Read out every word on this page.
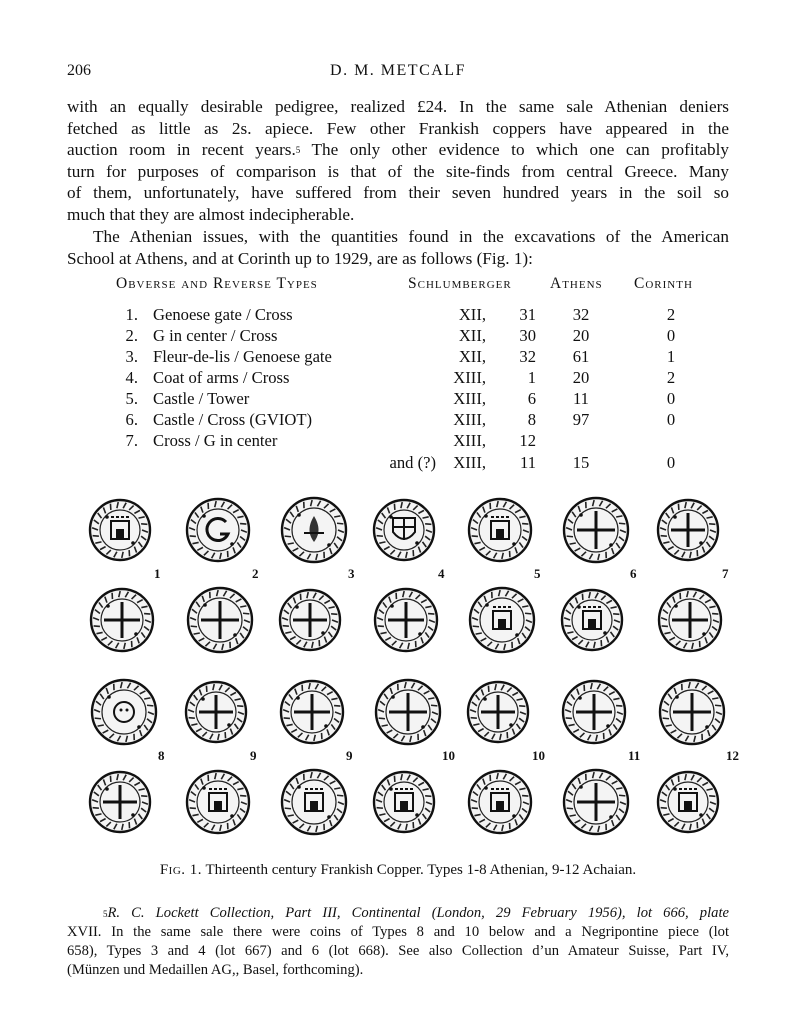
206	D. M. METCALF
with an equally desirable pedigree, realized £24. In the same sale Athenian deniers
fetched as little as 2s. apiece. Few other Frankish coppers have appeared in the
auction room in recent years.$^5$ The only other evidence to which one can profitably
turn for purposes of comparison is that of the site-finds from central Greece. Many
of them, unfortunately, have suffered from their seven hundred years in the soil so
much that they are almost indecipherable.
The Athenian issues, with the quantities found in the excavations of the American
School at Athens, and at Corinth up to 1929, are as follows (Fig. 1):
Obverse and Reverse Types	Schlumberger Athens Corinth
1. Genoese gate / Cross	XII,	31	32	2
2. G in center / Cross	XII,	30	20	0
3. Fleur-de-lis / Genoese gate	XII,	32	61	1
4. Coat of arms / Cross	XIII,	1	20	2
5. Castle / Tower	XIII,	6	11	0
6. Castle / Cross (GVIOT)	XIII,	8	97	0
7. Cross / G in center	XIII,	12
and (?)	XIII,	11	15	0
1	2	3	4	5	6	7
8	9	9	10	10	11	12
Fig. 1. Thirteenth century Frankish Copper. Types 1-8 Athenian, 9-12 Achaian.
$^5$R. C. Lockett Collection, Part III, Continental (London, 29 February 1956), lot 666, plate
XVII. In the same sale there were coins of Types 8 and 10 below and a Negripontine piece (lot
658), Types 3 and 4 (lot 667) and 6 (lot 668). See also Collection d’un Amateur Suisse, Part IV,
(Münzen und Medaillen AG,, Basel, forthcoming).
